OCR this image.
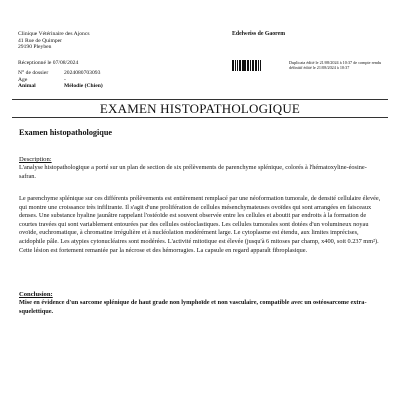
Clinique Vétérinaire des Ajoncs
41 Rue de Quimper
29190 Pleyben
Réceptionné le 07/08/2024
N° de dossier	2024080703093
Age	-
Animal	Mélodie (Chien)
Edelweiss de Gaorem
Duplicata édité le 21/08/2024 à 10:37 de compte rendu
définitif édité le 21/08/2024 à 10:37
EXAMEN HISTOPATHOLOGIQUE
Examen histopathologique
Description:
L'analyse histopathologique a porté sur un plan de section de six prélèvements de parenchyme splénique, colorés à l'hématoxyline-éosine-safran.
Le parenchyme splénique sur ces différents prélèvements est entièrement remplacé par une néoformation tumorale, de densité cellulaire élevée, qui montre une croissance très infiltrante. Il s'agit d'une prolifération de cellules mésenchymateuses ovoïdes qui sont arrangées en faisceaux denses. Une substance hyaline jaunâtre rappelant l'ostéoïde est souvent observée entre les cellules et aboutit par endroits à la formation de courtes travées qui sont variablement entourées par des cellules ostéoclastiques. Les cellules tumorales sont dotées d'un volumineux noyau ovoïde, euchromatique, à chromatine irrégulière et à nucléolation modérément large. Le cytoplasme est étendu, aux limites imprécises, acidophile pâle. Les atypies cytonucléaires sont modérées. L'activité mitotique est élevée (jusqu'à 6 mitoses par champ, x400, soit 0.237 mm²). Cette lésion est fortement remaniée par la nécrose et des hémorragies. La capsule en regard apparaît fibroplasique.
Conclusion:
Mise en évidence d'un sarcome splénique de haut grade non lymphoïde et non vasculaire, compatible avec un ostéosarcome extra-squelettique.
